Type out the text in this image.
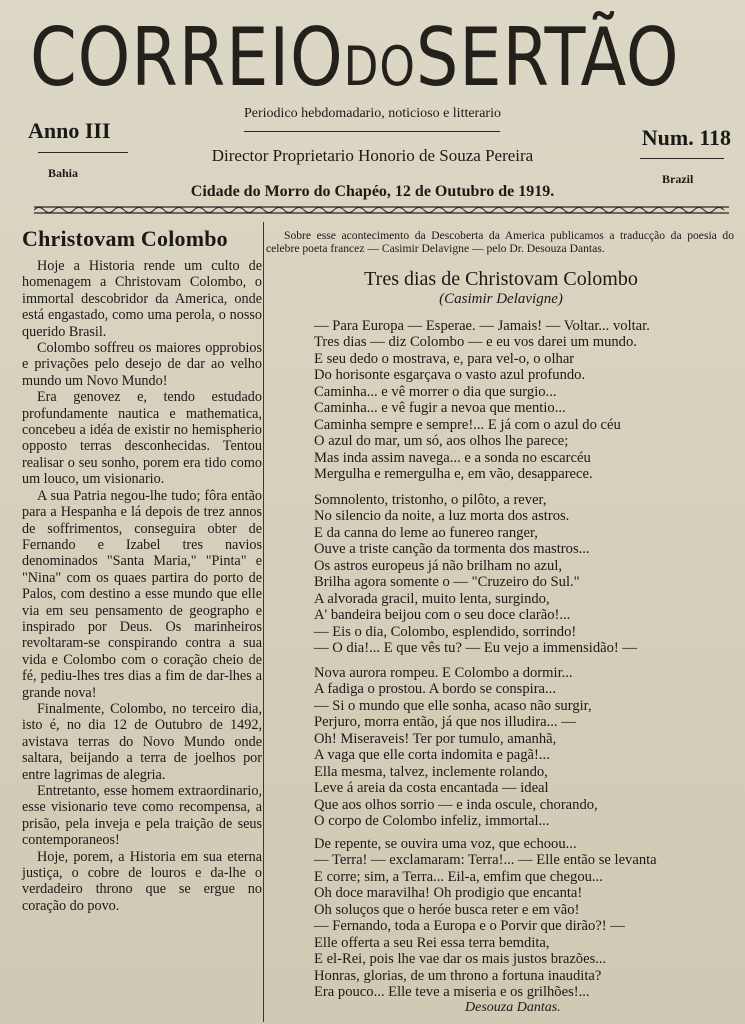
CORREIODOSERTÃO
Periodico hebdomadario, noticioso e litterario
Anno III	Num. 118
Director Proprietario Honorio de Souza Pereira
Bahia	Brazil
Cidade do Morro do Chapéo, 12 de Outubro de 1919.
Christovam Colombo

Hoje a Historia rende um culto de homenagem a Christovam Colombo, o immortal descobridor da America, onde está engastado, como uma perola, o nosso querido Brasil.

Colombo soffreu os maiores opprobios e privações pelo desejo de dar ao velho mundo um Novo Mundo!

Era genovez e, tendo estudado profundamente nautica e mathematica, concebeu a idéa de existir no hemispherio opposto terras desconhecidas. Tentou realisar o seu sonho, porem era tido como um louco, um visionario.

A sua Patria negou-lhe tudo; fôra então para a Hespanha e lá depois de trez annos de soffrimentos, conseguira obter de Fernando e Izabel tres navios denominados "Santa Maria," "Pinta" e "Nina" com os quaes partira do porto de Palos, com destino a esse mundo que elle via em seu pensamento de geographo e inspirado por Deus. Os marinheiros revoltaram-se conspirando contra a sua vida e Colombo com o coração cheio de fé, pediu-lhes tres dias a fim de dar-lhes a grande nova!

Finalmente, Colombo, no terceiro dia, isto é, no dia 12 de Outubro de 1492, avistava terras do Novo Mundo onde saltara, beijando a terra de joelhos por entre lagrimas de alegria.

Entretanto, esse homem extraordinario, esse visionario teve como recompensa, a prisão, pela inveja e pela traição de seus contemporaneos!

Hoje, porem, a Historia em sua eterna justiça, o cobre de louros e da-lhe o verdadeiro throno que se ergue no coração do povo.

Sobre esse acontecimento da Descoberta da America publicamos a traducção da poesia do celebre poeta francez — Casimir Delavigne — pelo Dr. Desouza Dantas.
Tres dias de Christovam Colombo
(Casimir Delavigne)
— Para Europa — Esperae. — Jamais! — Voltar... voltar.
Tres dias — diz Colombo — e eu vos darei um mundo.
E seu dedo o mostrava, e, para vel-o, o olhar
Do horisonte esgarçava o vasto azul profundo.
Caminha... e vê morrer o dia que surgio...
Caminha... e vê fugir a nevoa que mentio...
Caminha sempre e sempre!... E já com o azul do céu
O azul do mar, um só, aos olhos lhe parece;
Mas inda assim navega... e a sonda no escarcéu
Mergulha e remergulha e, em vão, desapparece.
Somnolento, tristonho, o pilôto, a rever,
No silencio da noite, a luz morta dos astros.
E da canna do leme ao funereo ranger,
Ouve a triste canção da tormenta dos mastros...
Os astros europeus já não brilham no azul,
Brilha agora somente o — "Cruzeiro do Sul."
A alvorada gracil, muito lenta, surgindo,
A' bandeira beijou com o seu doce clarão!...
— Eis o dia, Colombo, esplendido, sorrindo!
— O dia!... E que vês tu? — Eu vejo a immensidão! —
Nova aurora rompeu. E Colombo a dormir...
A fadiga o prostou. A bordo se conspira...
— Si o mundo que elle sonha, acaso não surgir,
Perjuro, morra então, já que nos illudira... —
Oh! Miseraveis! Ter por tumulo, amanhã,
A vaga que elle corta indomita e pagã!...
Ella mesma, talvez, inclemente rolando,
Leve á areia da costa encantada — ideal
Que aos olhos sorrio — e inda oscule, chorando,
O corpo de Colombo infeliz, immortal...
De repente, se ouvira uma voz, que echoou...
— Terra! — exclamaram: Terra!... — Elle então se levanta
E corre; sim, a Terra... Eil-a, emfim que chegou...
Oh doce maravilha! Oh prodigio que encanta!
Oh soluços que o heróe busca reter e em vão!
— Fernando, toda a Europa e o Porvir que dirão?! —
Elle offerta a seu Rei essa terra bemdita,
E el-Rei, pois lhe vae dar os mais justos brazões...
Honras, glorias, de um throno a fortuna inaudita?
Era pouco... Elle teve a miseria e os grilhões!...
Desouza Dantas.
